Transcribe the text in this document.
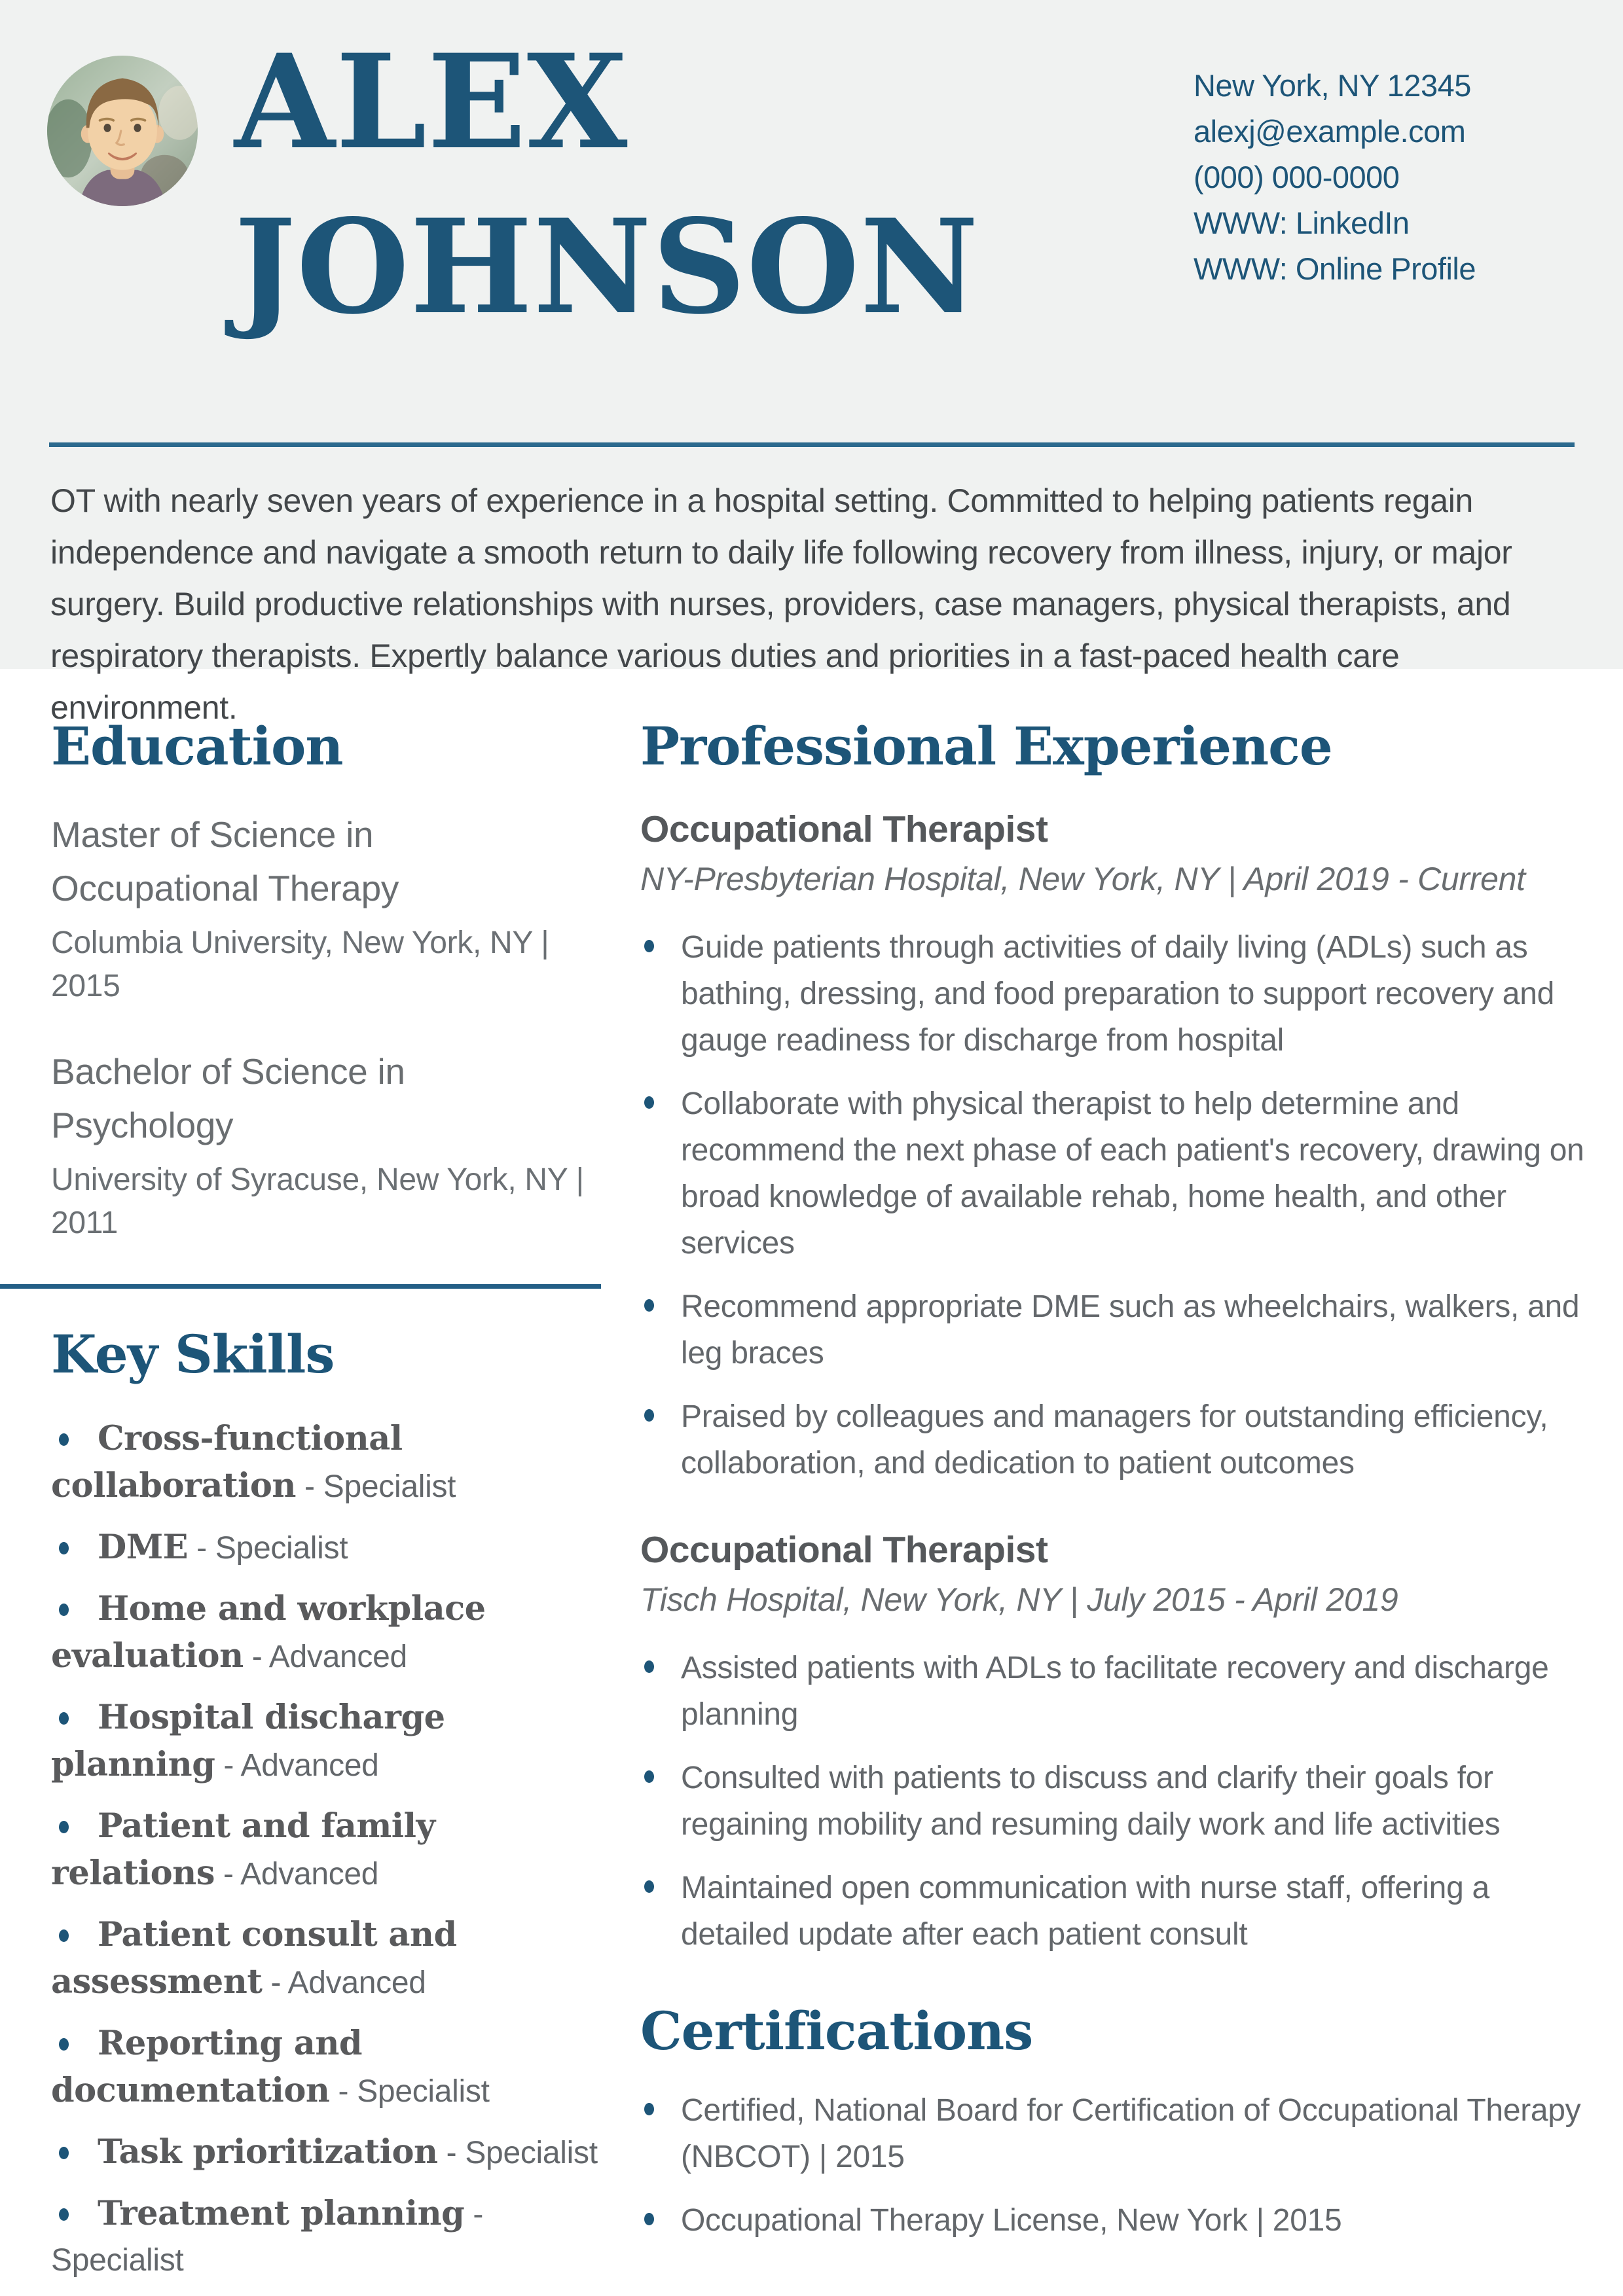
ALEX
JOHNSON
New York, NY 12345
alexj@example.com
(000) 000-0000
WWW: LinkedIn
WWW: Online Profile

OT with nearly seven years of experience in a hospital setting. Committed to helping patients regain independence and navigate a smooth return to daily life following recovery from illness, injury, or major surgery. Build productive relationships with nurses, providers, case managers, physical therapists, and respiratory therapists. Expertly balance various duties and priorities in a fast-paced health care environment.

Education
Master of Science in Occupational Therapy
Columbia University, New York, NY | 2015
Bachelor of Science in Psychology
University of Syracuse, New York, NY | 2011
Key Skills
Cross-functional collaboration - Specialist
DME - Specialist
Home and workplace evaluation - Advanced
Hospital discharge planning - Advanced
Patient and family relations - Advanced
Patient consult and assessment - Advanced
Reporting and documentation - Specialist
Task prioritization - Specialist
Treatment planning - Specialist
Professional Experience
Occupational Therapist
NY-Presbyterian Hospital, New York, NY | April 2019 - Current
Guide patients through activities of daily living (ADLs) such as bathing, dressing, and food preparation to support recovery and gauge readiness for discharge from hospital
Collaborate with physical therapist to help determine and recommend the next phase of each patient's recovery, drawing on broad knowledge of available rehab, home health, and other services
Recommend appropriate DME such as wheelchairs, walkers, and leg braces
Praised by colleagues and managers for outstanding efficiency, collaboration, and dedication to patient outcomes
Occupational Therapist
Tisch Hospital, New York, NY | July 2015 - April 2019
Assisted patients with ADLs to facilitate recovery and discharge planning
Consulted with patients to discuss and clarify their goals for regaining mobility and resuming daily work and life activities
Maintained open communication with nurse staff, offering a detailed update after each patient consult
Certifications
Certified, National Board for Certification of Occupational Therapy (NBCOT) | 2015
Occupational Therapy License, New York | 2015
